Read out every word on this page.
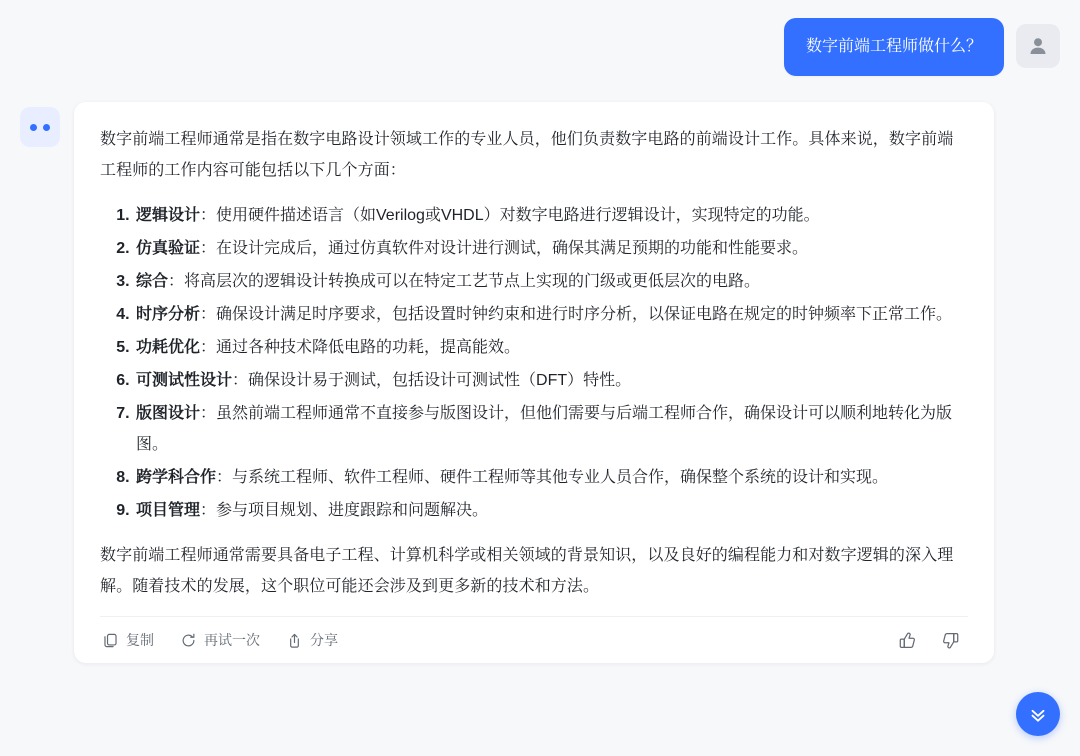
数字前端工程师做什么？

数字前端工程师通常是指在数字电路设计领域工作的专业人员，他们负责数字电路的前端设计工作。具体来说，数字前端工程师的工作内容可能包括以下几个方面：

1. 逻辑设计：使用硬件描述语言（如Verilog或VHDL）对数字电路进行逻辑设计，实现特定的功能。
2. 仿真验证：在设计完成后，通过仿真软件对设计进行测试，确保其满足预期的功能和性能要求。
3. 综合：将高层次的逻辑设计转换成可以在特定工艺节点上实现的门级或更低层次的电路。
4. 时序分析：确保设计满足时序要求，包括设置时钟约束和进行时序分析，以保证电路在规定的时钟频率下正常工作。
5. 功耗优化：通过各种技术降低电路的功耗，提高能效。
6. 可测试性设计：确保设计易于测试，包括设计可测试性（DFT）特性。
7. 版图设计：虽然前端工程师通常不直接参与版图设计，但他们需要与后端工程师合作，确保设计可以顺利地转化为版图。
8. 跨学科合作：与系统工程师、软件工程师、硬件工程师等其他专业人员合作，确保整个系统的设计和实现。
9. 项目管理：参与项目规划、进度跟踪和问题解决。

数字前端工程师通常需要具备电子工程、计算机科学或相关领域的背景知识，以及良好的编程能力和对数字逻辑的深入理解。随着技术的发展，这个职位可能还会涉及到更多新的技术和方法。

复制	再试一次	分享
